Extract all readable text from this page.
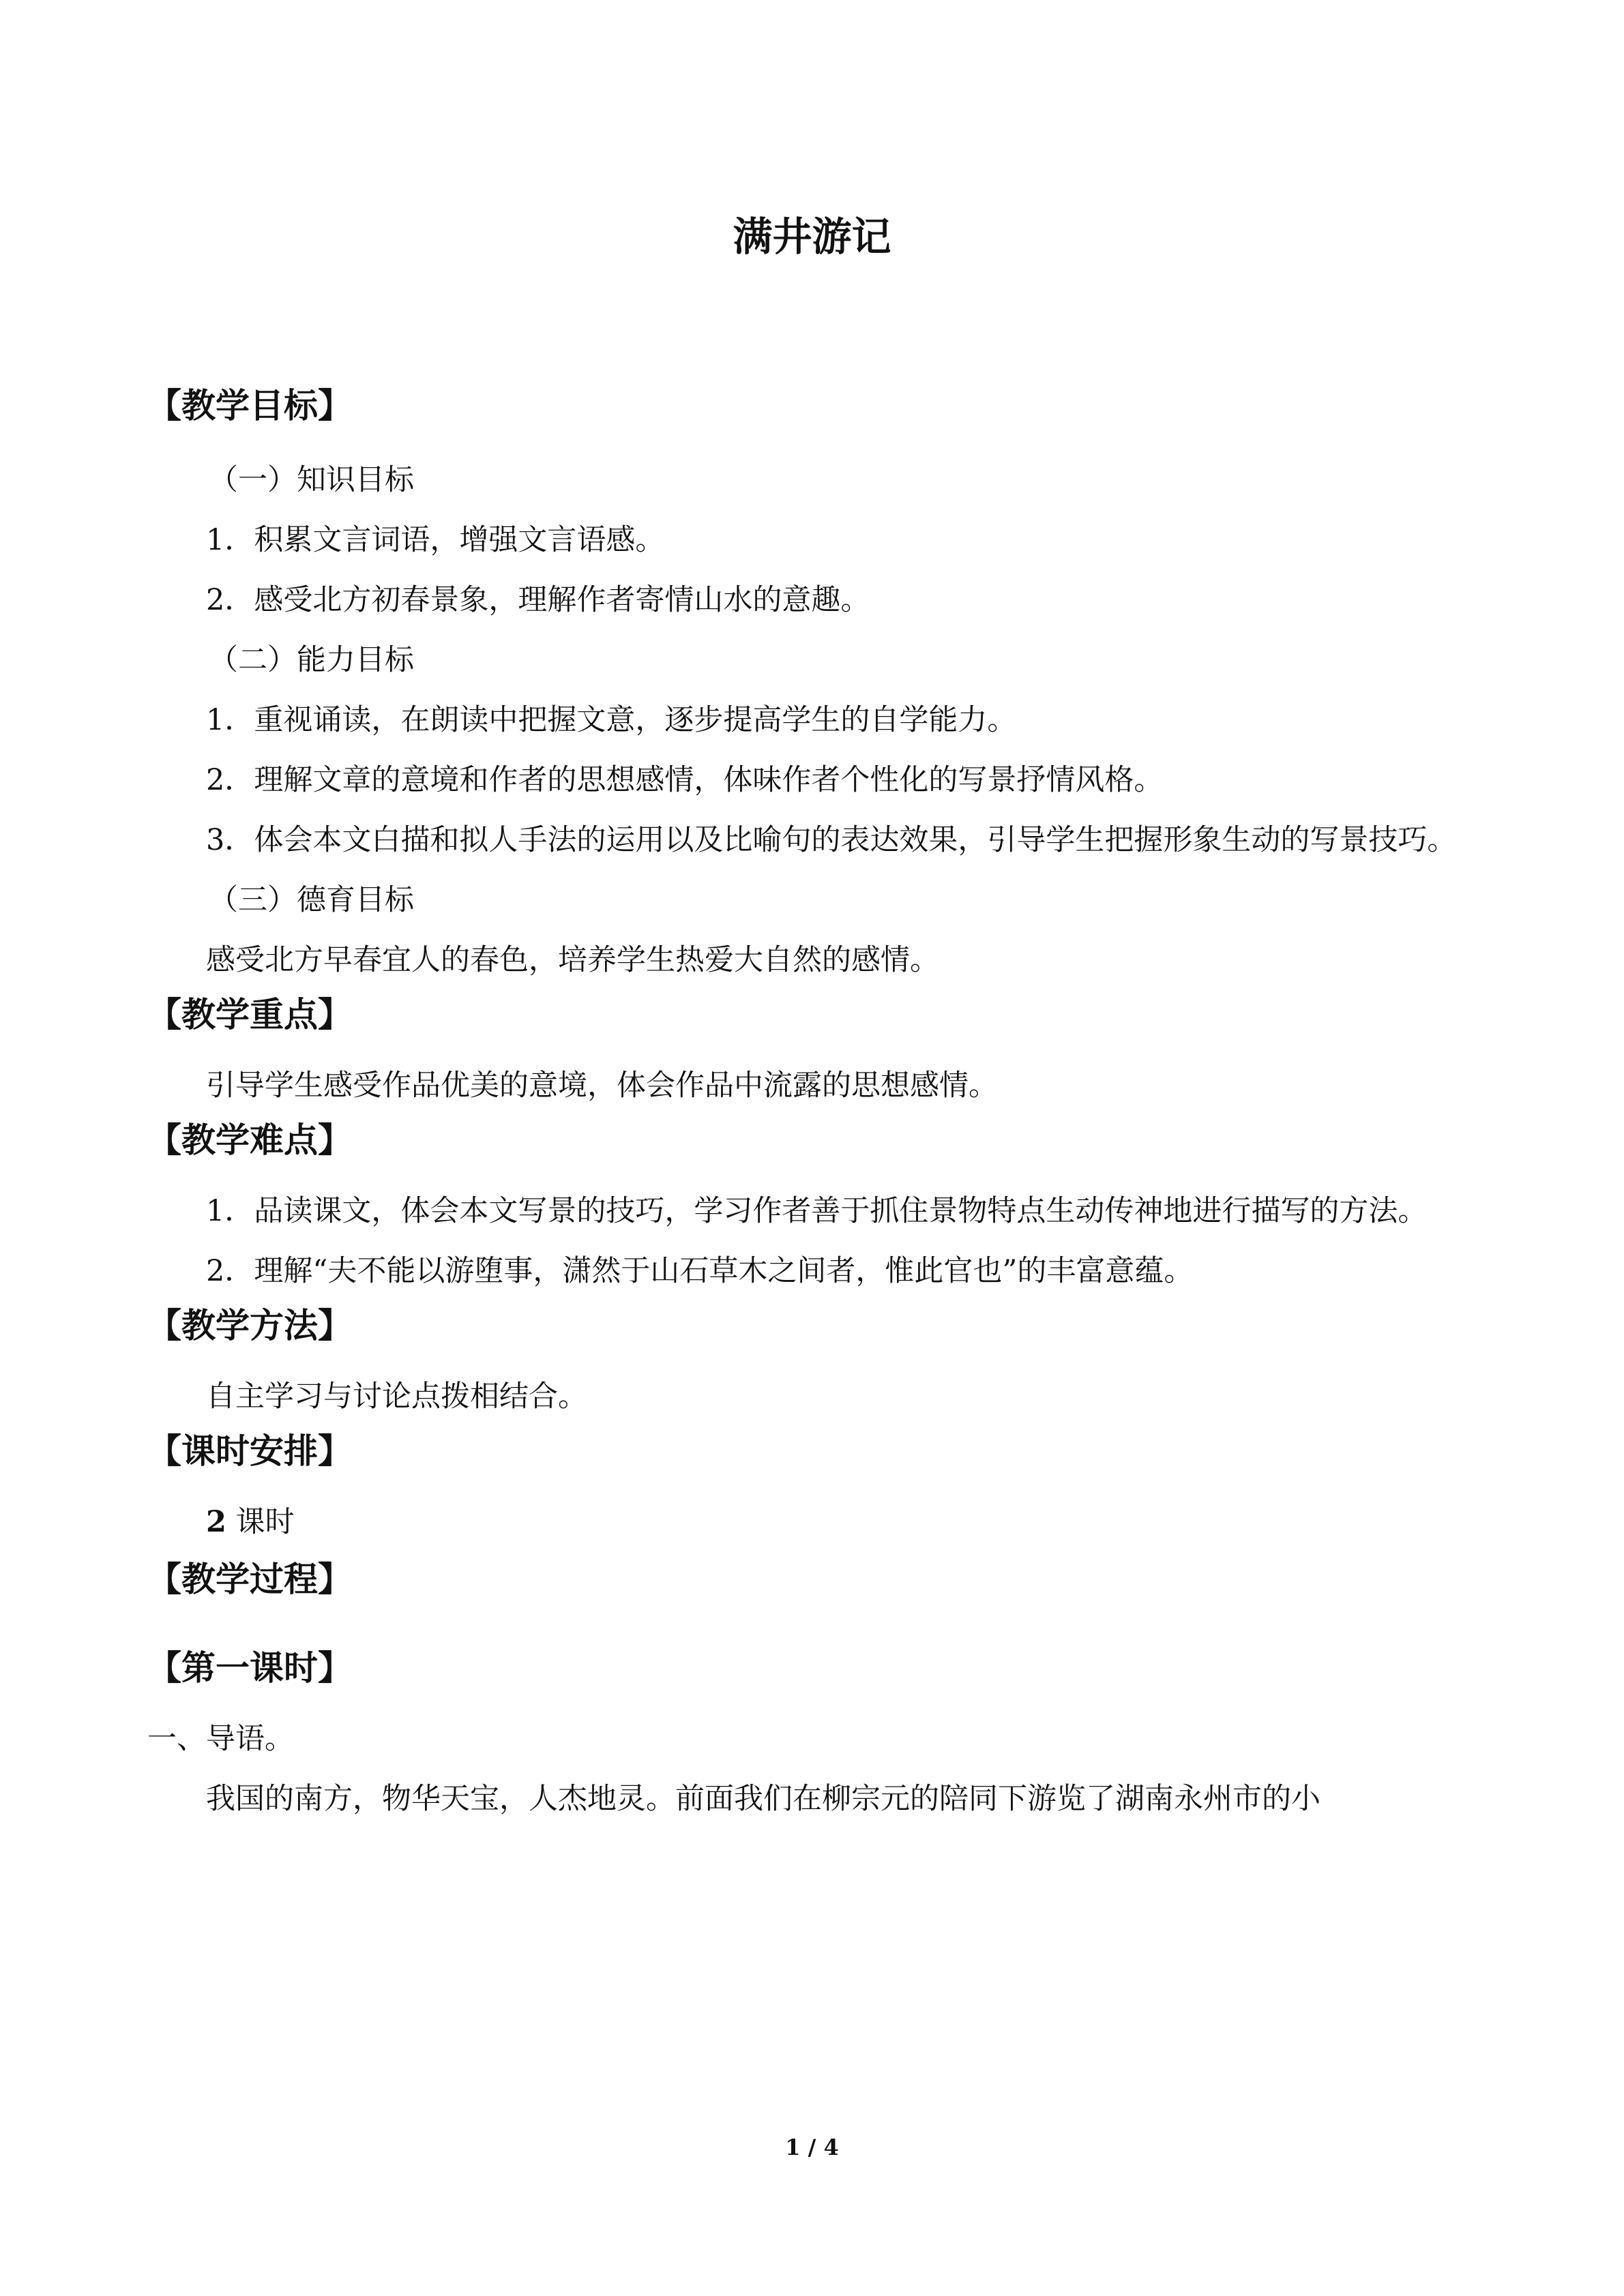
满井游记
【教学目标】

（一）知识目标

1．积累文言词语，增强文言语感。

2．感受北方初春景象，理解作者寄情山水的意趣。

（二）能力目标

1．重视诵读，在朗读中把握文意，逐步提高学生的自学能力。

2．理解文章的意境和作者的思想感情，体味作者个性化的写景抒情风格。

3．体会本文白描和拟人手法的运用以及比喻句的表达效果，引导学生把握形象生动的写景技巧。

（三）德育目标

感受北方早春宜人的春色，培养学生热爱大自然的感情。

【教学重点】

引导学生感受作品优美的意境，体会作品中流露的思想感情。

【教学难点】

1．品读课文，体会本文写景的技巧，学习作者善于抓住景物特点生动传神地进行描写的方法。

2．理解“夫不能以游堕事，潇然于山石草木之间者，惟此官也”的丰富意蕴。

【教学方法】

自主学习与讨论点拨相结合。

【课时安排】

2 课时

【教学过程】
【第一课时】

一、导语。

我国的南方，物华天宝，人杰地灵。前面我们在柳宗元的陪同下游览了湖南永州市的小

1 / 4
